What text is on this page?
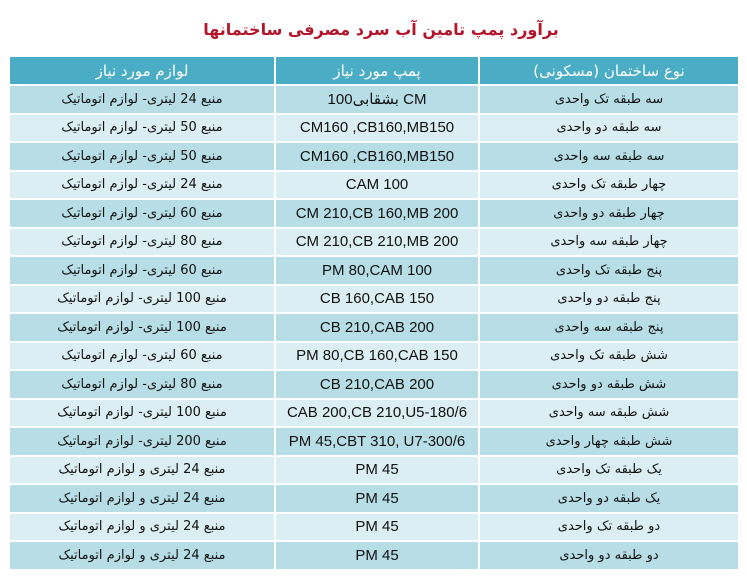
برآورد پمپ تامین آب سرد مصرفی ساختمانها
نوع ساختمان (مسکونی)	پمپ مورد نیاز	لوازم مورد نیاز
سه طبقه تک واحدی	100بشقابی CM	منبع 24 لیتری- لوازم اتوماتیک
سه طبقه دو واحدی	CM160 ,CB160,MB150	منبع 50 لیتری- لوازم اتوماتیک
سه طبقه سه واحدی	CM160 ,CB160,MB150	منبع 50 لیتری- لوازم اتوماتیک
چهار طبقه تک واحدی	CAM 100	منبع 24 لیتری- لوازم اتوماتیک
چهار طبقه دو واحدی	CM 210,CB 160,MB 200	منبع 60 لیتری- لوازم اتوماتیک
چهار طبقه سه واحدی	CM 210,CB 210,MB 200	منبع 80 لیتری- لوازم اتوماتیک
پنج طبقه تک واحدی	PM 80,CAM 100	منبع 60 لیتری- لوازم اتوماتیک
پنج طبقه دو واحدی	CB 160,CAB 150	منبع 100 لیتری- لوازم اتوماتیک
پنج طبقه سه واحدی	CB 210,CAB 200	منبع 100 لیتری- لوازم اتوماتیک
شش طبقه تک واحدی	PM 80,CB 160,CAB 150	منبع 60 لیتری- لوازم اتوماتیک
شش طبقه دو واحدی	CB 210,CAB 200	منبع 80 لیتری- لوازم اتوماتیک
شش طبقه سه واحدی	CAB 200,CB 210,U5-180/6	منبع 100 لیتری- لوازم اتوماتیک
شش طبقه چهار واحدی	PM 45,CBT 310, U7-300/6	منبع 200 لیتری- لوازم اتوماتیک
یک طبقه تک واحدی	PM 45	منبع 24 لیتری و لوازم اتوماتیک
یک طبقه دو واحدی	PM 45	منبع 24 لیتری و لوازم اتوماتیک
دو طبقه تک واحدی	PM 45	منبع 24 لیتری و لوازم اتوماتیک
دو طبقه دو واحدی	PM 45	منبع 24 لیتری و لوازم اتوماتیک
